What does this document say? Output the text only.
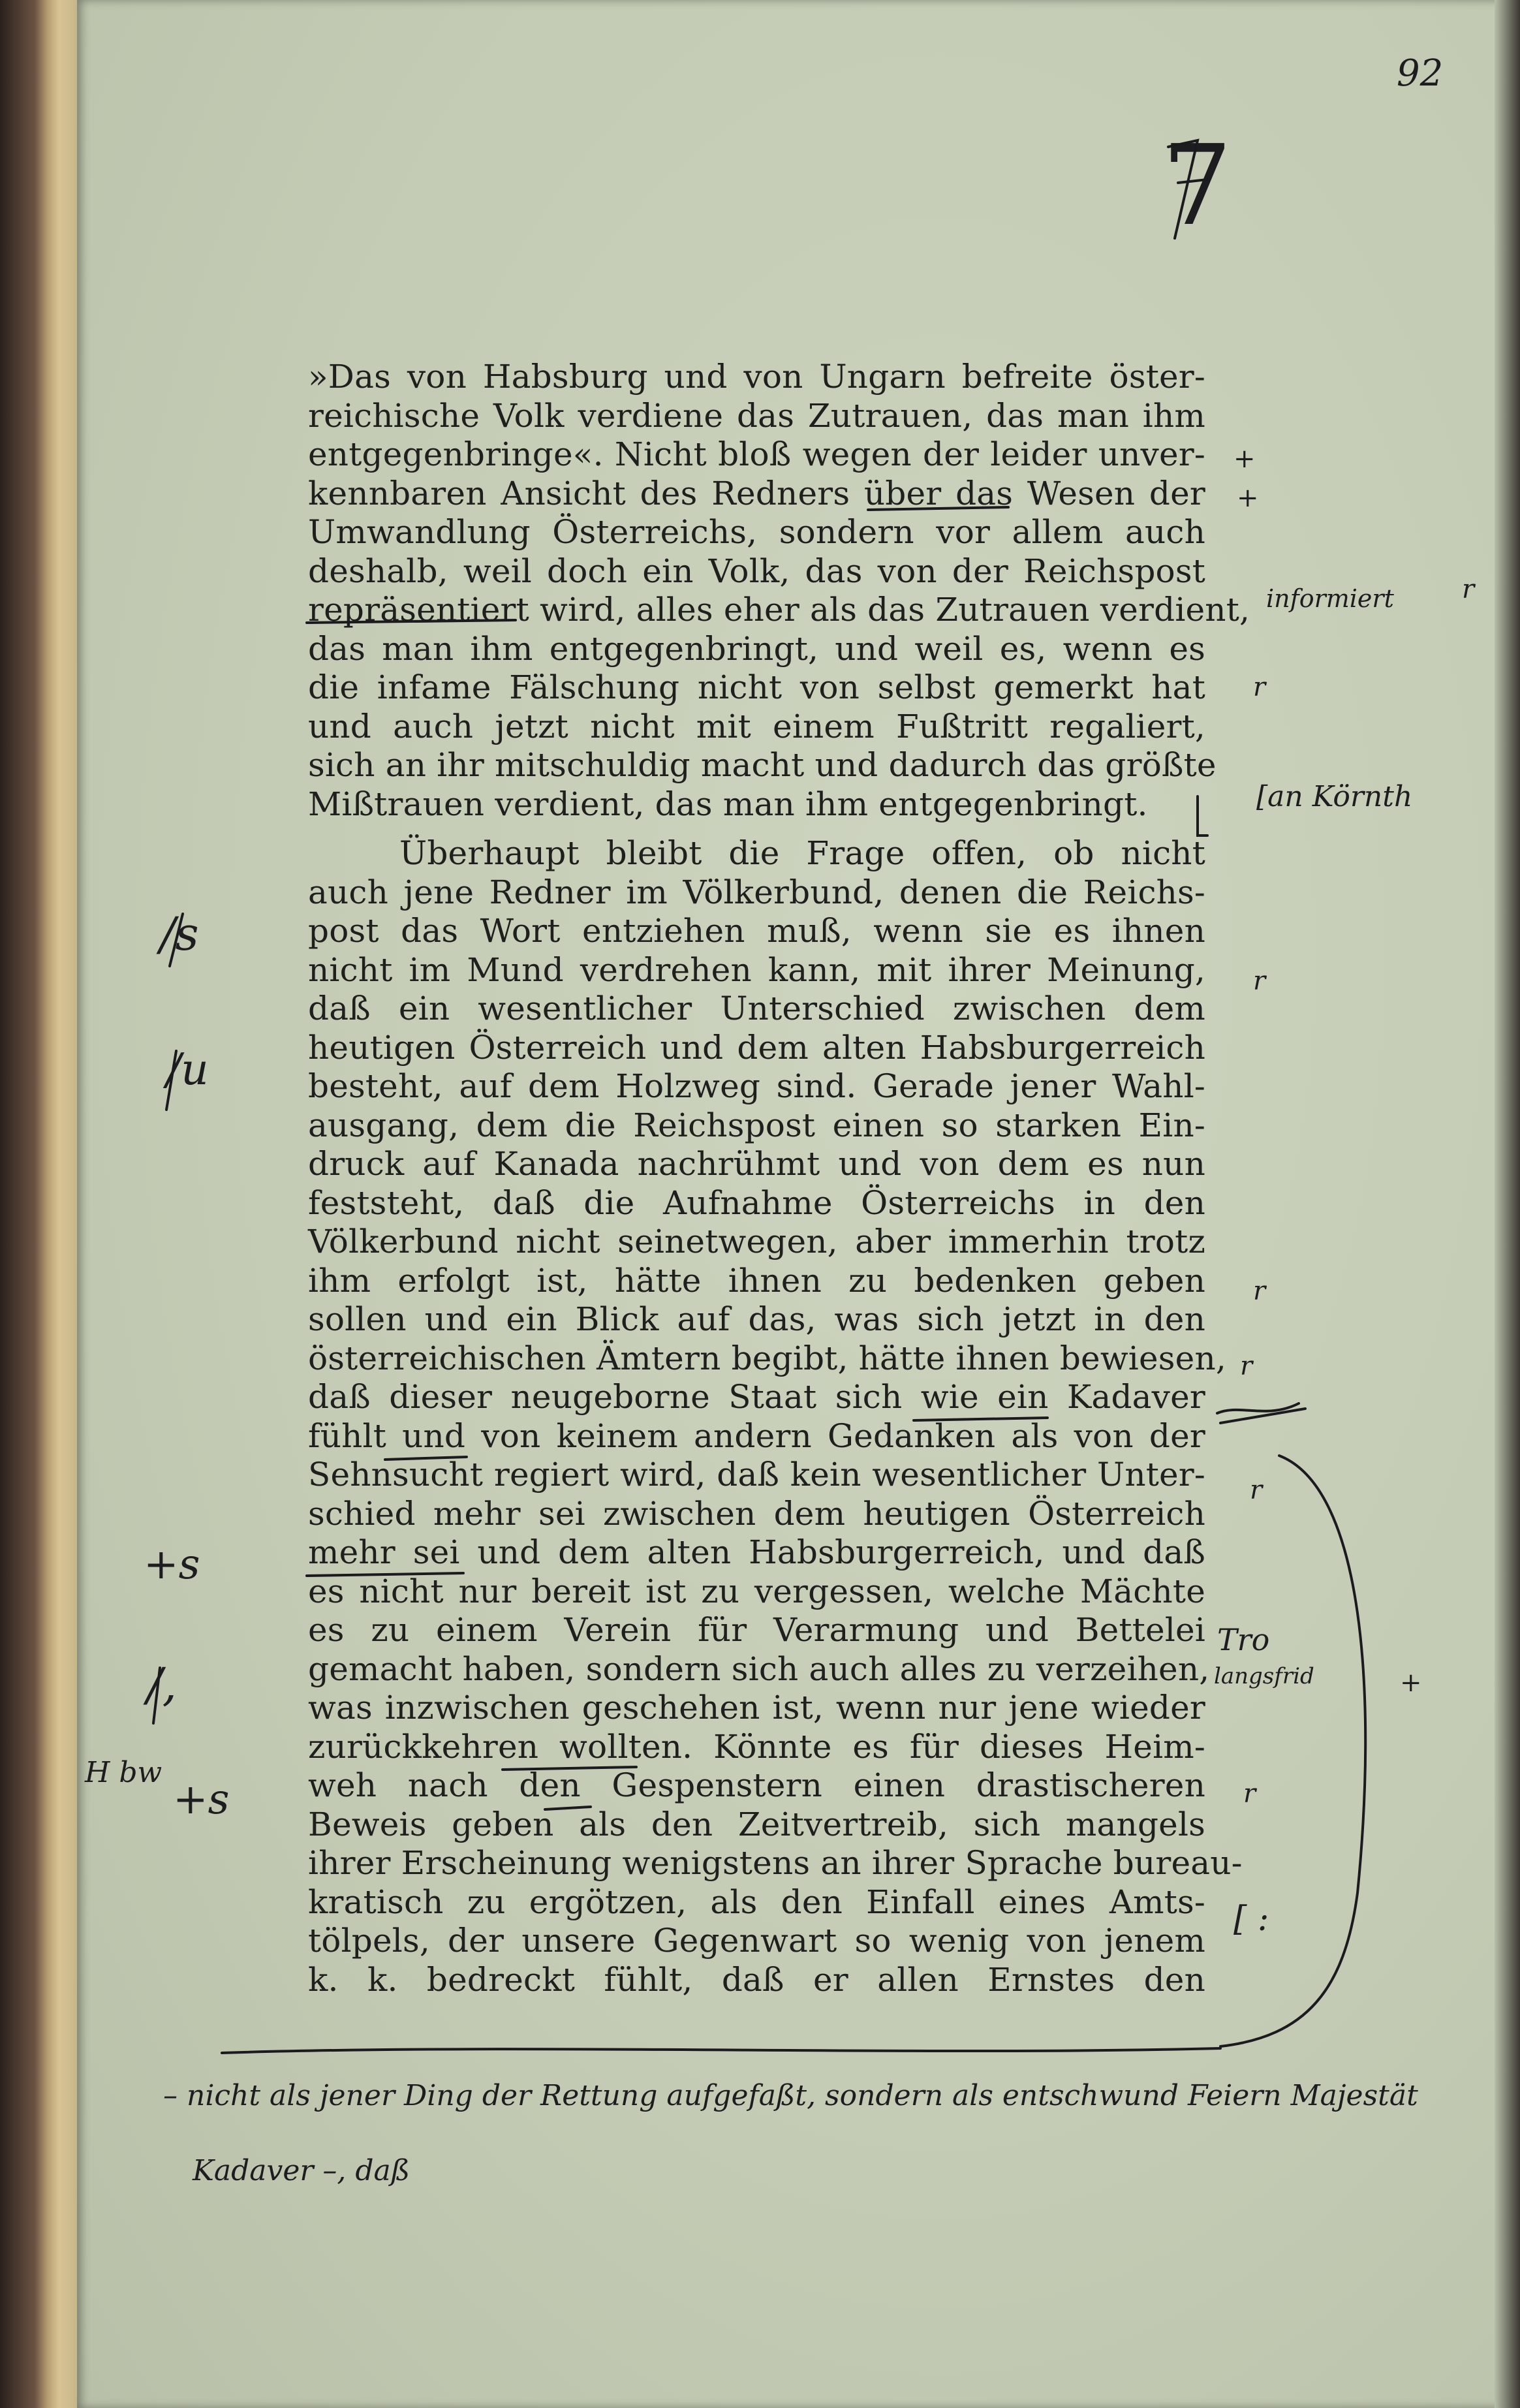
92
7
»Das von Habsburg und von Ungarn befreite öster-
reichische Volk verdiene das Zutrauen, das man ihm
entgegenbringe«. Nicht bloß wegen der leider unver-
kennbaren Ansicht des Redners über das Wesen der
Umwandlung Österreichs, sondern vor allem auch
deshalb, weil doch ein Volk, das von der Reichspost
repräsentiert wird, alles eher als das Zutrauen verdient,
das man ihm entgegenbringt, und weil es, wenn es
die infame Fälschung nicht von selbst gemerkt hat
und auch jetzt nicht mit einem Fußtritt regaliert,
sich an ihr mitschuldig macht und dadurch das größte
Mißtrauen verdient, das man ihm entgegenbringt.
Überhaupt bleibt die Frage offen, ob nicht
auch jene Redner im Völkerbund, denen die Reichs-
post das Wort entziehen muß, wenn sie es ihnen
nicht im Mund verdrehen kann, mit ihrer Meinung,
daß ein wesentlicher Unterschied zwischen dem
heutigen Österreich und dem alten Habsburgerreich
besteht, auf dem Holzweg sind. Gerade jener Wahl-
ausgang, dem die Reichspost einen so starken Ein-
druck auf Kanada nachrühmt und von dem es nun
feststeht, daß die Aufnahme Österreichs in den
Völkerbund nicht seinetwegen, aber immerhin trotz
ihm erfolgt ist, hätte ihnen zu bedenken geben
sollen und ein Blick auf das, was sich jetzt in den
österreichischen Ämtern begibt, hätte ihnen bewiesen,
daß dieser neugeborne Staat sich wie ein Kadaver
fühlt und von keinem andern Gedanken als von der
Sehnsucht regiert wird, daß kein wesentlicher Unter-
schied mehr sei zwischen dem heutigen Österreich
mehr sei und dem alten Habsburgerreich, und daß
es nicht nur bereit ist zu vergessen, welche Mächte
es zu einem Verein für Verarmung und Bettelei
gemacht haben, sondern sich auch alles zu verzeihen,
was inzwischen geschehen ist, wenn nur jene wieder
zurückkehren wollten. Könnte es für dieses Heim-
weh nach den Gespenstern einen drastischeren
Beweis geben als den Zeitvertreib, sich mangels
ihrer Erscheinung wenigstens an ihrer Sprache bureau-
kratisch zu ergötzen, als den Einfall eines Amts-
tölpels, der unsere Gegenwart so wenig von jenem
k. k. bedreckt fühlt, daß er allen Ernstes den
+
+
informiert	r
r
[an Körnth
r
r
r
r
Tro
langsfrid	+
r
[ :
/s
/u
+s
/,
H bw
+s
– nicht als jener Ding der Rettung aufgefaßt, sondern als entschwund Feiern Majestät
Kadaver –, daß
